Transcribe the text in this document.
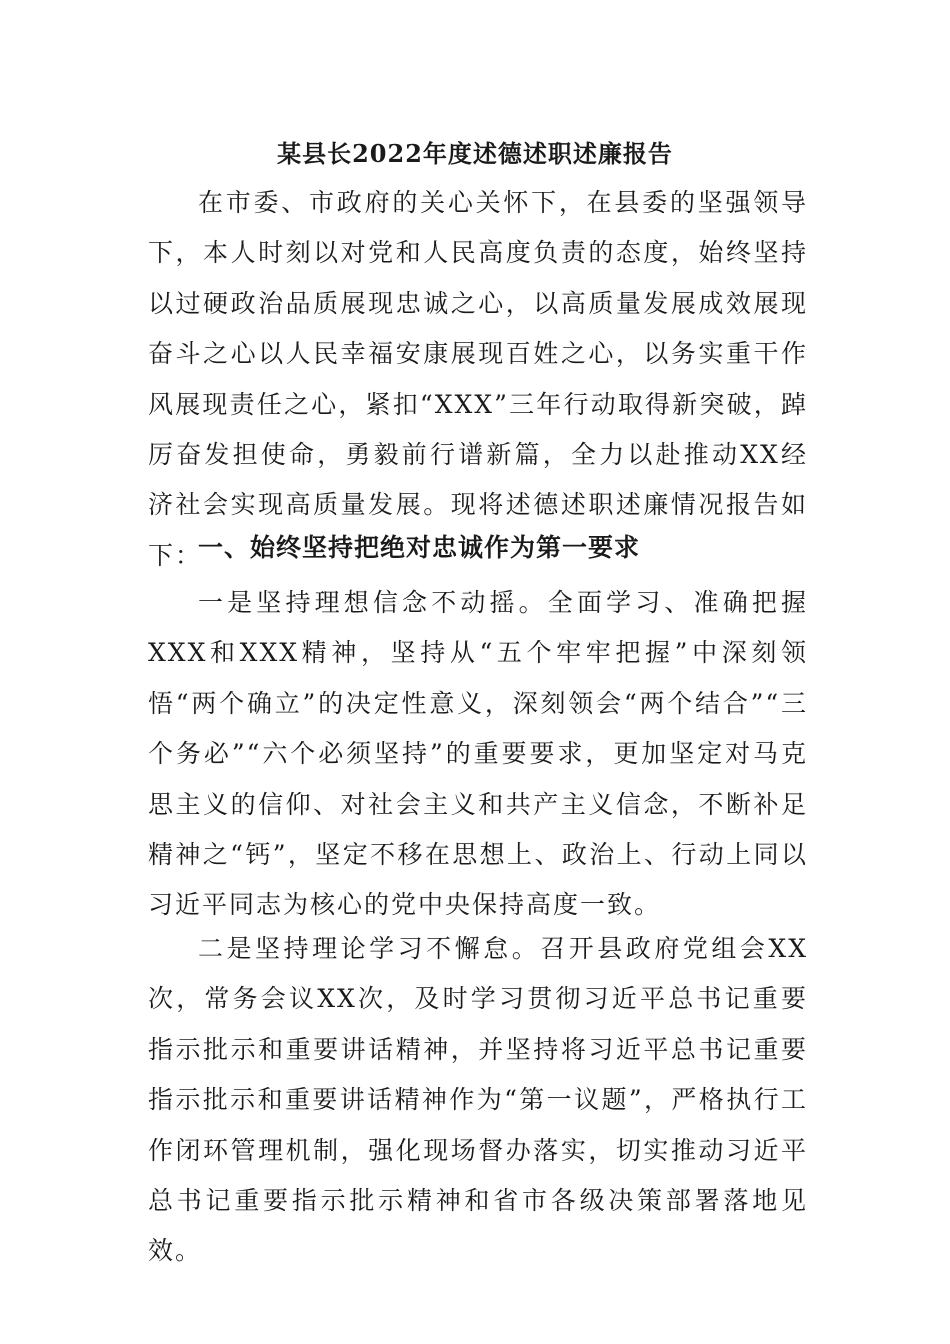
某县长2022年度述德述职述廉报告
在市委、市政府的关心关怀下，在县委的坚强领导下，本人时刻以对党和人民高度负责的态度，始终坚持以过硬政治品质展现忠诚之心，以高质量发展成效展现奋斗之心以人民幸福安康展现百姓之心，以务实重干作风展现责任之心，紧扣“XXX”三年行动取得新突破，踔厉奋发担使命，勇毅前行谱新篇，全力以赴推动XX经济社会实现高质量发展。现将述德述职述廉情况报告如下：
一、始终坚持把绝对忠诚作为第一要求
一是坚持理想信念不动摇。全面学习、准确把握XXX和XXX精神，坚持从“五个牢牢把握”中深刻领悟“两个确立”的决定性意义，深刻领会“两个结合”“三个务必”“六个必须坚持”的重要要求，更加坚定对马克思主义的信仰、对社会主义和共产主义信念，不断补足精神之“钙”，坚定不移在思想上、政治上、行动上同以习近平同志为核心的党中央保持高度一致。
二是坚持理论学习不懈怠。召开县政府党组会XX次，常务会议XX次，及时学习贯彻习近平总书记重要指示批示和重要讲话精神，并坚持将习近平总书记重要指示批示和重要讲话精神作为“第一议题”，严格执行工作闭环管理机制，强化现场督办落实，切实推动习近平总书记重要指示批示精神和省市各级决策部署落地见效。
